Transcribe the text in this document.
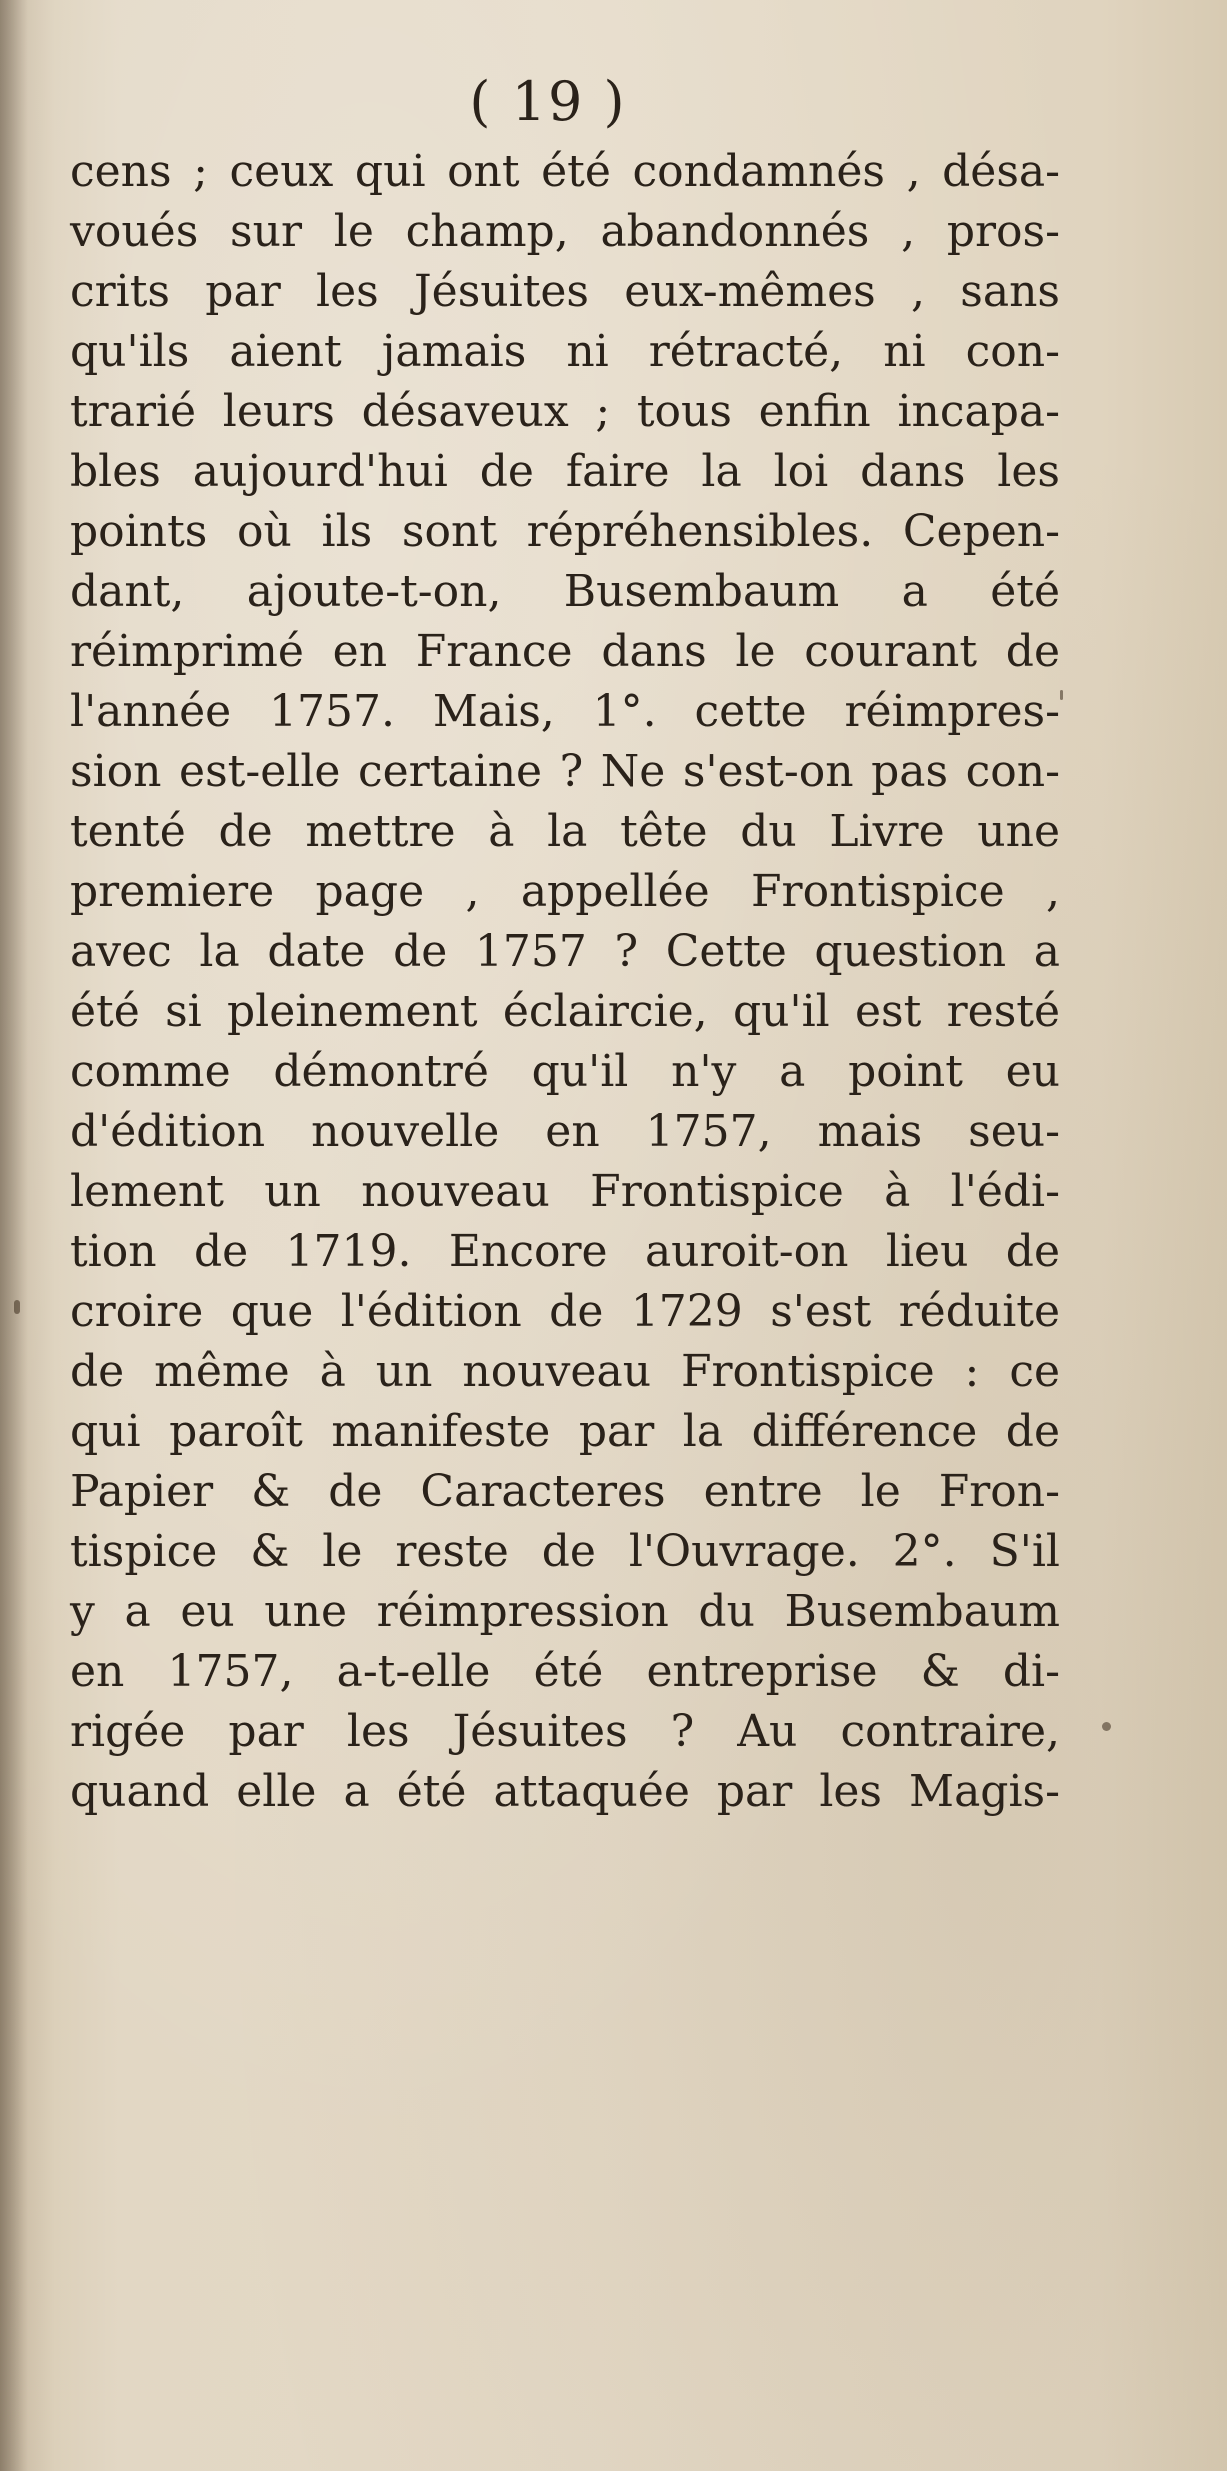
( 19 )
cens ; ceux qui ont été condamnés , désa-
voués sur le champ, abandonnés , pros-
crits par les Jésuites eux-mêmes , sans
qu'ils aient jamais ni rétracté, ni con-
trarié leurs désaveux ; tous enfin incapa-
bles aujourd'hui de faire la loi dans les
points où ils sont répréhensibles. Cepen-
dant, ajoute-t-on, Busembaum a été
réimprimé en France dans le courant de
l'année 1757. Mais, 1°. cette réimpres-
sion est-elle certaine ? Ne s'est-on pas con-
tenté de mettre à la tête du Livre une
premiere page , appellée Frontispice ,
avec la date de 1757 ? Cette question a
été si pleinement éclaircie, qu'il est resté
comme démontré qu'il n'y a point eu
d'édition nouvelle en 1757, mais seu-
lement un nouveau Frontispice à l'édi-
tion de 1719. Encore auroit-on lieu de
croire que l'édition de 1729 s'est réduite
de même à un nouveau Frontispice : ce
qui paroît manifeste par la différence de
Papier & de Caracteres entre le Fron-
tispice & le reste de l'Ouvrage. 2°. S'il
y a eu une réimpression du Busembaum
en 1757, a-t-elle été entreprise & di-
rigée par les Jésuites ? Au contraire,
quand elle a été attaquée par les Magis-
